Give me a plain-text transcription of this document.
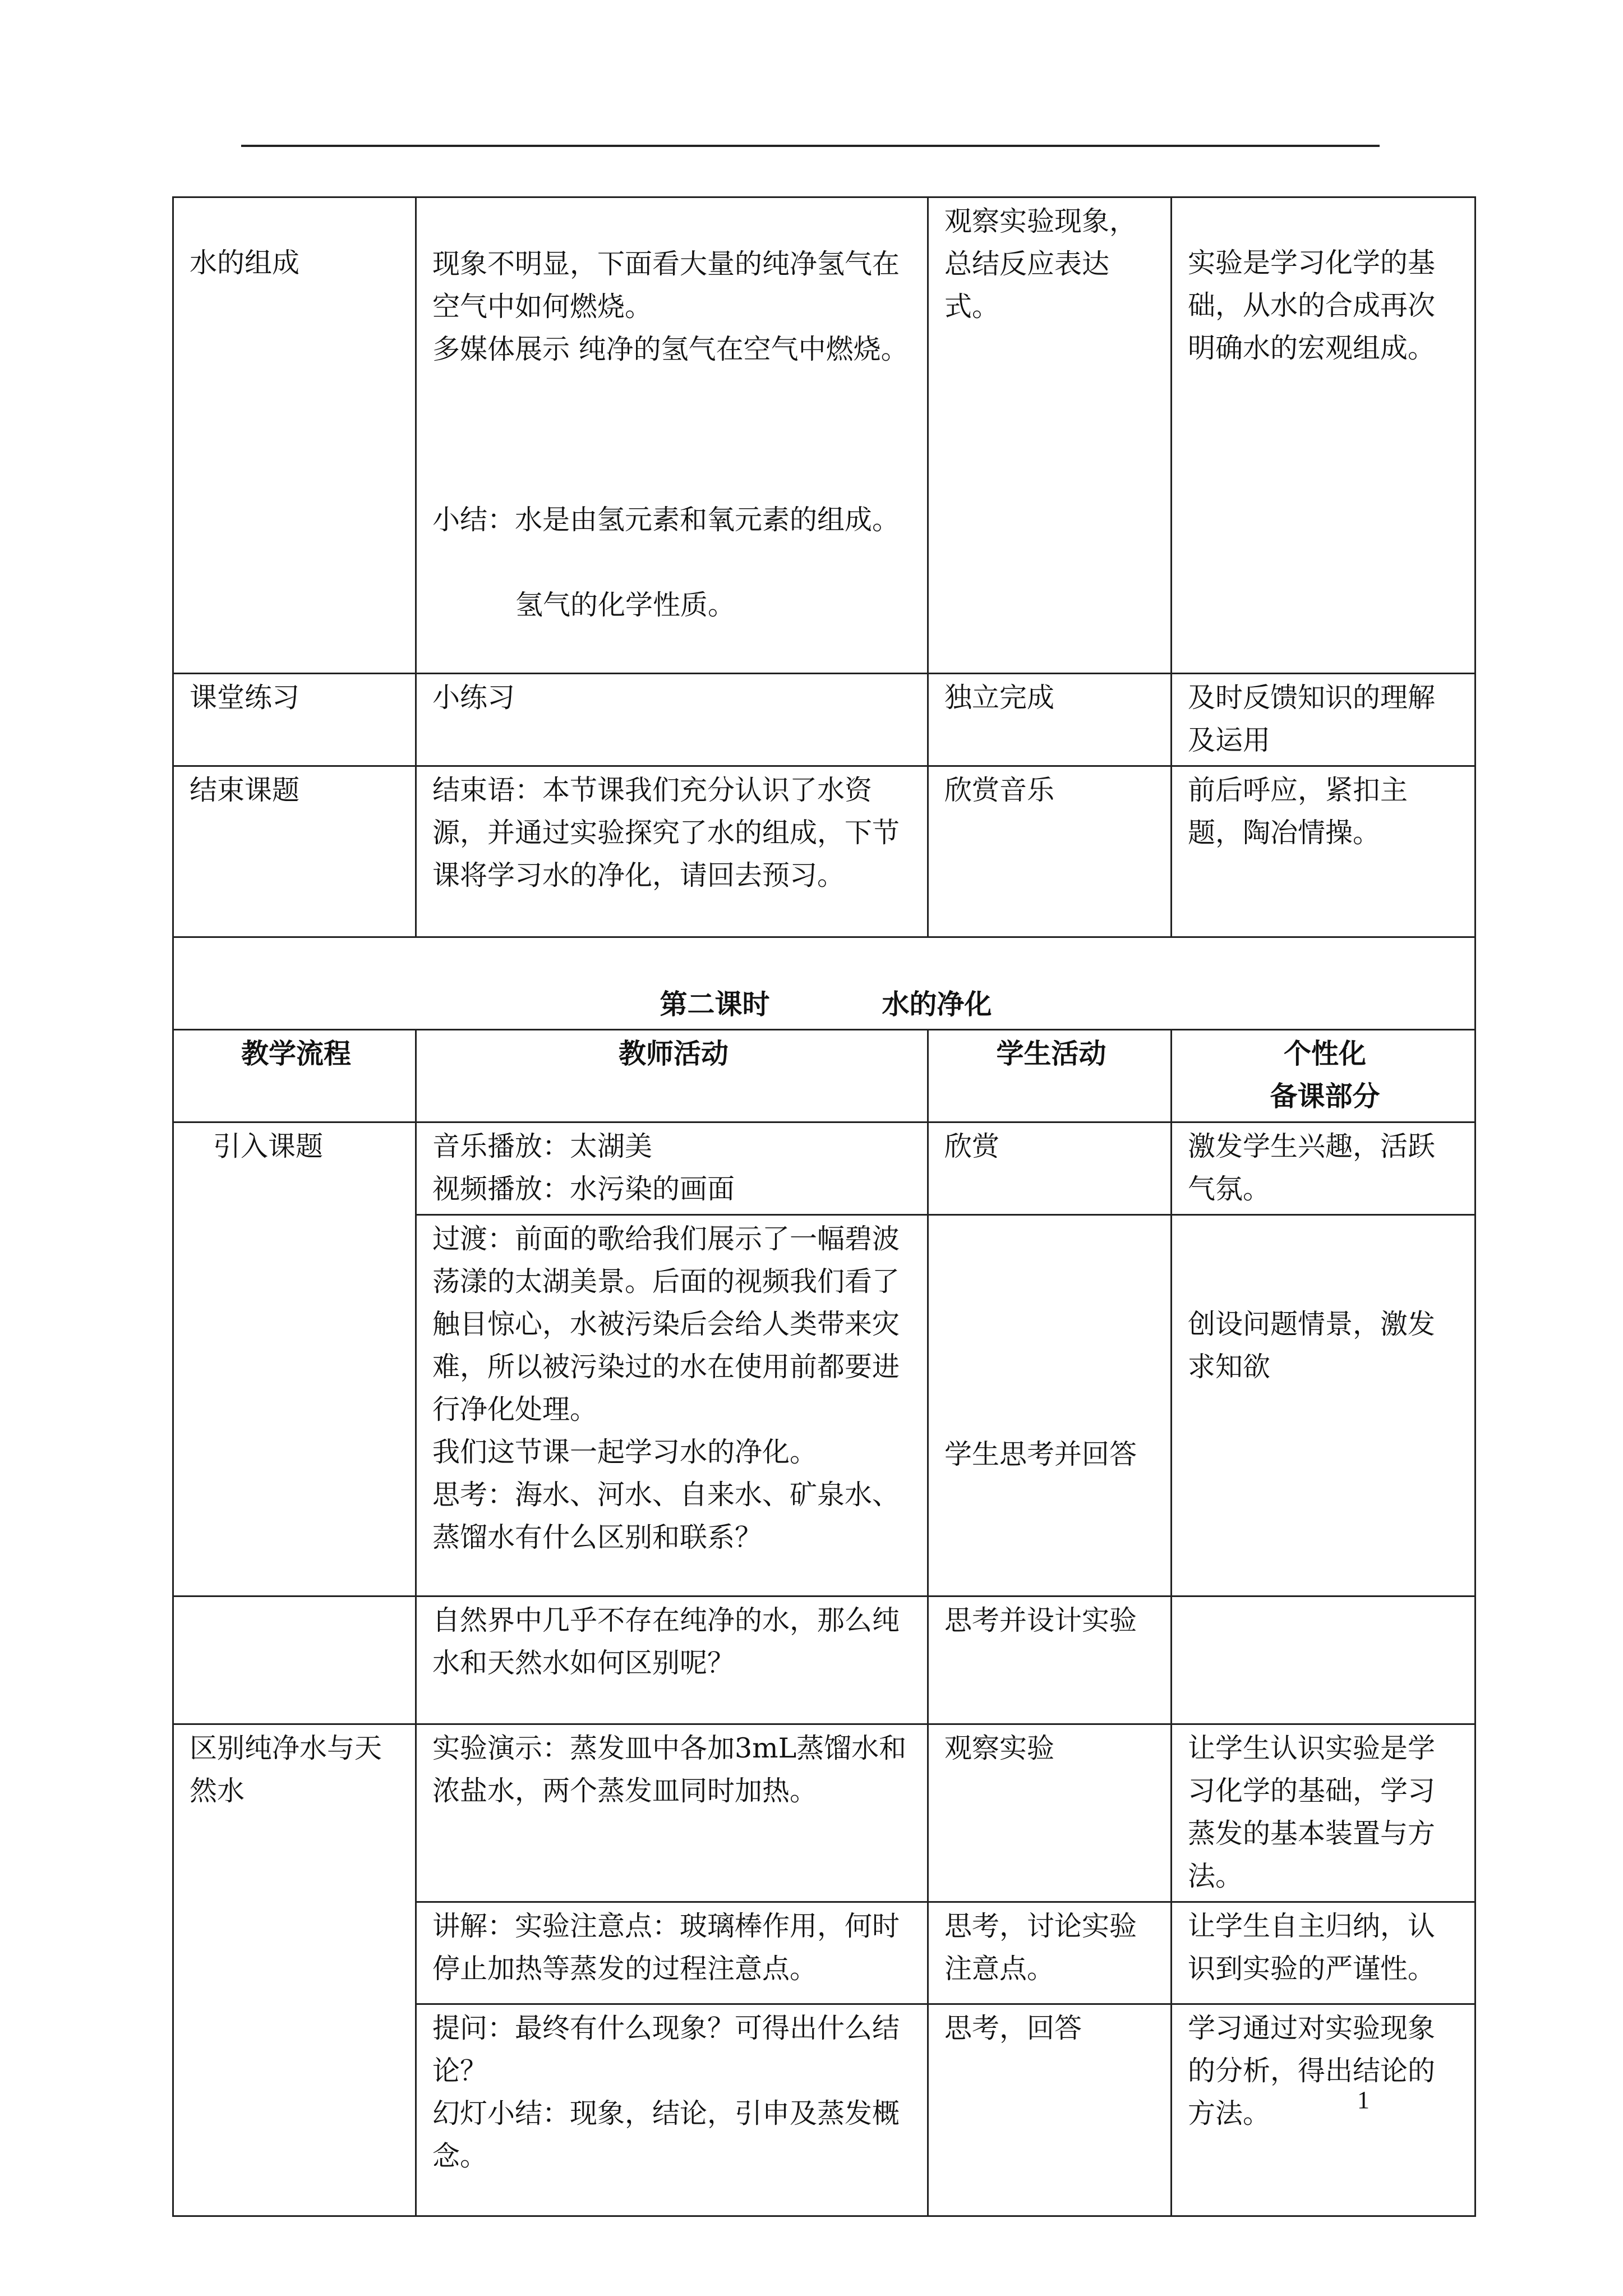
水的组成	现象不明显，下面看大量的纯净氢气在空气中如何燃烧。

多媒体展示 纯净的氢气在空气中燃烧。

小结：水是由氢元素和氧元素的组成。

氢气的化学性质。	观察实验现象，总结反应表达式。	实验是学习化学的基础，从水的合成再次明确水的宏观组成。
课堂练习	小练习	独立完成	及时反馈知识的理解及运用
结束课题	结束语：本节课我们充分认识了水资源，并通过实验探究了水的组成，下节课将学习水的净化，请回去预习。	欣赏音乐	前后呼应，紧扣主题，陶冶情操。

第二课时 水的净化			

教学流程	教师活动	学生活动	个性化
备课部分
引入课题	音乐播放：太湖美
视频播放：水污染的画面	欣赏	激发学生兴趣，活跃气氛。
	过渡：前面的歌给我们展示了一幅碧波荡漾的太湖美景。后面的视频我们看了触目惊心，水被污染后会给人类带来灾难，所以被污染过的水在使用前都要进行净化处理。
我们这节课一起学习水的净化。
思考：海水、河水、自来水、矿泉水、蒸馏水有什么区别和联系？	学生思考并回答	创设问题情景，激发求知欲
	自然界中几乎不存在纯净的水，那么纯水和天然水如何区别呢？	思考并设计实验	
区别纯净水与天然水	实验演示：蒸发皿中各加3mL蒸馏水和浓盐水，两个蒸发皿同时加热。	观察实验	让学生认识实验是学习化学的基础，学习蒸发的基本装置与方法。
	讲解：实验注意点：玻璃棒作用，何时停止加热等蒸发的过程注意点。	思考，讨论实验注意点。	让学生自主归纳，认识到实验的严谨性。
	提问：最终有什么现象？可得出什么结论？
幻灯小结：现象，结论，引申及蒸发概念。	思考，回答	学习通过对实验现象的分析，得出结论的方法。	1
